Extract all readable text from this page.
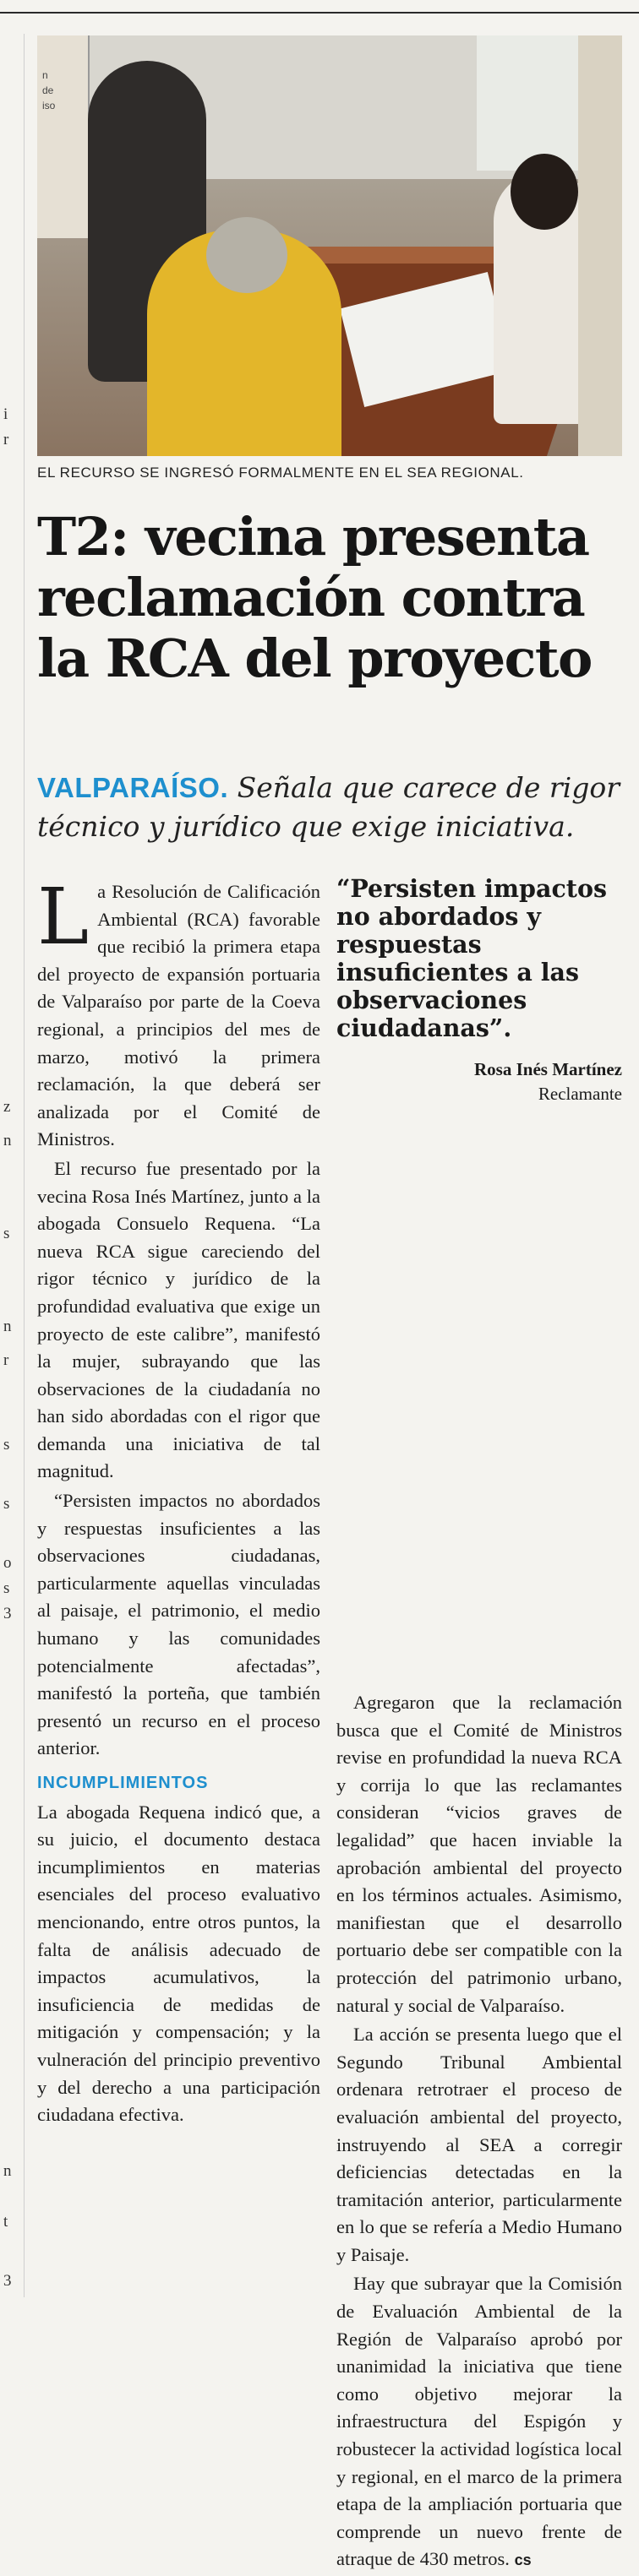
i
r
z
n
s
n
r
s
s
o
s
3
n
t
3
n
de
iso
EL RECURSO SE INGRESÓ FORMALMENTE EN EL SEA REGIONAL.
T2: vecina presenta reclamación contra la RCA del proyecto
VALPARAÍSO. Señala que carece de rigor técnico y jurídico que exige iniciativa.

La Resolución de Calificación Ambiental (RCA) favorable que recibió la primera etapa del proyecto de expansión portuaria de Valparaíso por parte de la Coeva regional, a principios del mes de marzo, motivó la primera reclamación, la que deberá ser analizada por el Comité de Ministros.

El recurso fue presentado por la vecina Rosa Inés Martínez, junto a la abogada Consuelo Requena. “La nueva RCA sigue careciendo del rigor técnico y jurídico de la profundidad evaluativa que exige un proyecto de este calibre”, manifestó la mujer, subrayando que las observaciones de la ciudadanía no han sido abordadas con el rigor que demanda una iniciativa de tal magnitud.

“Persisten impactos no abordados y respuestas insuficientes a las observaciones ciudadanas, particularmente aquellas vinculadas al paisaje, el patrimonio, el medio humano y las comunidades potencialmente afectadas”, manifestó la porteña, que también presentó un recurso en el proceso anterior.

INCUMPLIMIENTOS

La abogada Requena indicó que, a su juicio, el documento destaca incumplimientos en materias esenciales del proceso evaluativo mencionando, entre otros puntos, la falta de análisis adecuado de impactos acumulativos, la insuficiencia de medidas de mitigación y compensación; y la vulneración del principio preventivo y del derecho a una participación ciudadana efectiva.

“Persisten impactos no abordados y respuestas insuficientes a las observaciones ciudadanas”.

Rosa Inés Martínez

Reclamante

Agregaron que la reclamación busca que el Comité de Ministros revise en profundidad la nueva RCA y corrija lo que las reclamantes consideran “vicios graves de legalidad” que hacen inviable la aprobación ambiental del proyecto en los términos actuales. Asimismo, manifiestan que el desarrollo portuario debe ser compatible con la protección del patrimonio urbano, natural y social de Valparaíso.

La acción se presenta luego que el Segundo Tribunal Ambiental ordenara retrotraer el proceso de evaluación ambiental del proyecto, instruyendo al SEA a corregir deficiencias detectadas en la tramitación anterior, particularmente en lo que se refería a Medio Humano y Paisaje.

Hay que subrayar que la Comisión de Evaluación Ambiental de la Región de Valparaíso aprobó por unanimidad la iniciativa que tiene como objetivo mejorar la infraestructura del Espigón y robustecer la actividad logística local y regional, en el marco de la primera etapa de la ampliación portuaria que comprende un nuevo frente de atraque de 430 metros. cs
